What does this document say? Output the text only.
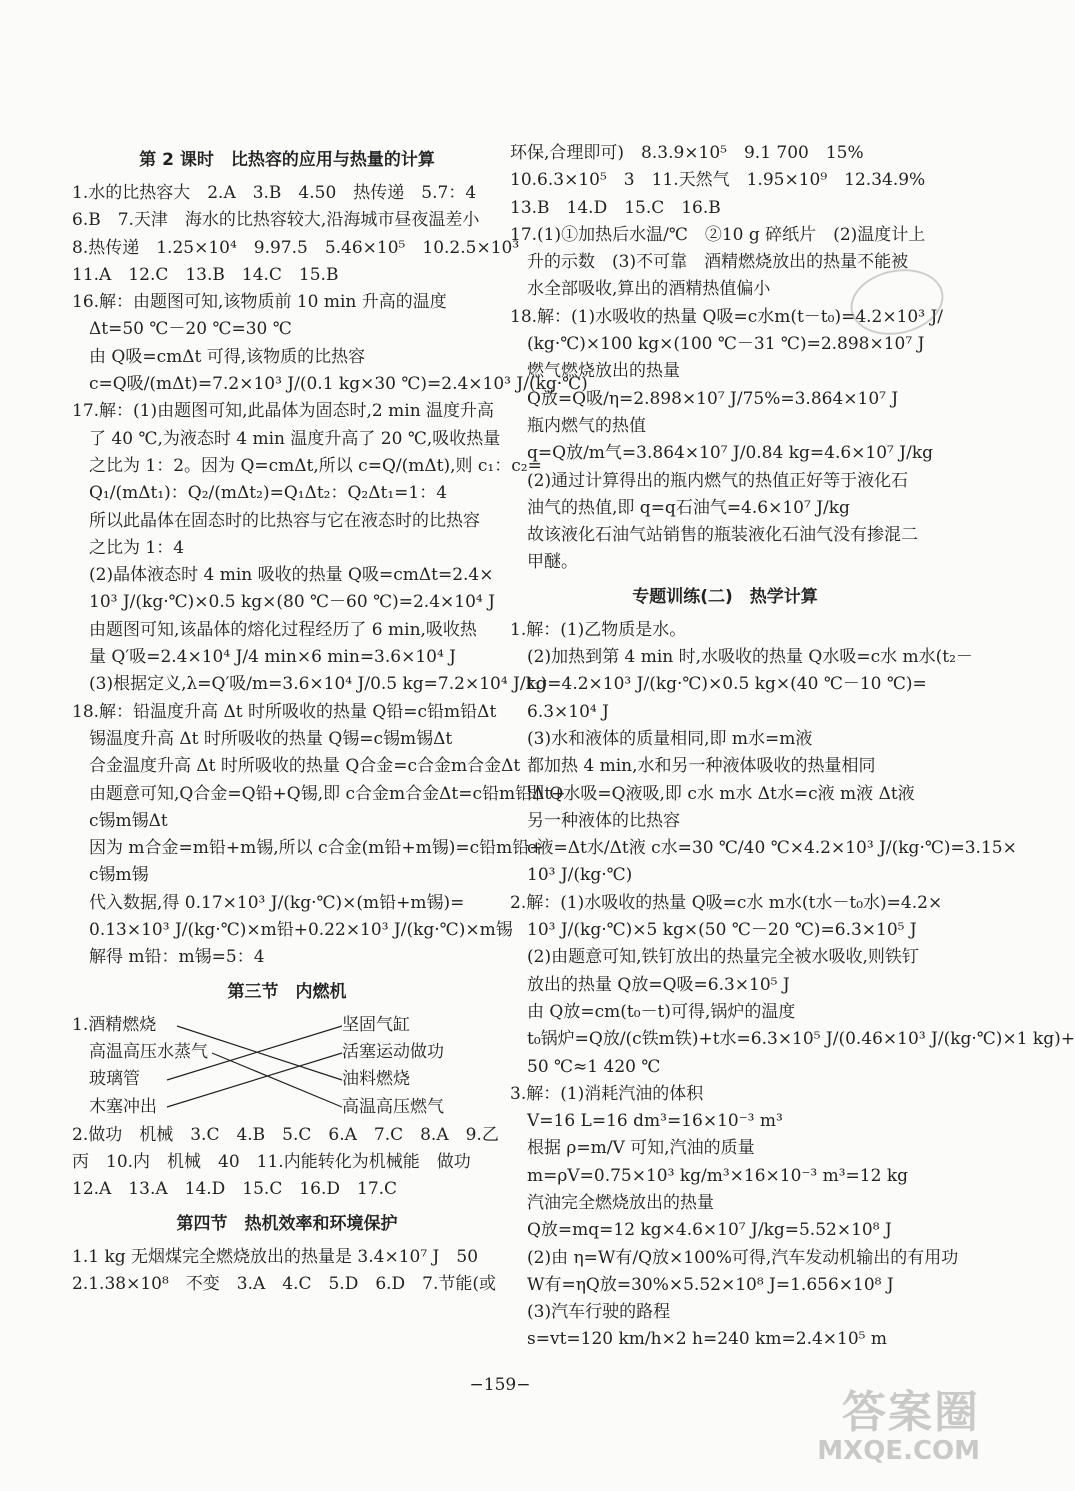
第 2 课时　比热容的应用与热量的计算
1.水的比热容大　2.A　3.B　4.50　热传递　5.7：4
6.B　7.天津　海水的比热容较大,沿海城市昼夜温差小
8.热传递　1.25×10⁴　9.97.5　5.46×10⁵　10.2.5×10³
11.A　12.C　13.B　14.C　15.B
16.解：由题图可知,该物质前 10 min 升高的温度
　Δt=50 ℃－20 ℃=30 ℃
　由 Q吸=cmΔt 可得,该物质的比热容
　c=Q吸/(mΔt)=7.2×10³ J/(0.1 kg×30 ℃)=2.4×10³ J/(kg·℃)
17.解：(1)由题图可知,此晶体为固态时,2 min 温度升高
　了 40 ℃,为液态时 4 min 温度升高了 20 ℃,吸收热量
　之比为 1：2。因为 Q=cmΔt,所以 c=Q/(mΔt),则 c₁：c₂=
　Q₁/(mΔt₁)：Q₂/(mΔt₂)=Q₁Δt₂：Q₂Δt₁=1：4
　所以此晶体在固态时的比热容与它在液态时的比热容
　之比为 1：4
　(2)晶体液态时 4 min 吸收的热量 Q吸=cmΔt=2.4×
　10³ J/(kg·℃)×0.5 kg×(80 ℃－60 ℃)=2.4×10⁴ J
　由题图可知,该晶体的熔化过程经历了 6 min,吸收热
　量 Q′吸=2.4×10⁴ J/4 min×6 min=3.6×10⁴ J
　(3)根据定义,λ=Q′吸/m=3.6×10⁴ J/0.5 kg=7.2×10⁴ J/kg
18.解：铅温度升高 Δt 时所吸收的热量 Q铅=c铅m铅Δt
　锡温度升高 Δt 时所吸收的热量 Q锡=c锡m锡Δt
　合金温度升高 Δt 时所吸收的热量 Q合金=c合金m合金Δt
　由题意可知,Q合金=Q铅+Q锡,即 c合金m合金Δt=c铅m铅Δt+
　c锡m锡Δt
　因为 m合金=m铅+m锡,所以 c合金(m铅+m锡)=c铅m铅+
　c锡m锡
　代入数据,得 0.17×10³ J/(kg·℃)×(m铅+m锡)=
　0.13×10³ J/(kg·℃)×m铅+0.22×10³ J/(kg·℃)×m锡
　解得 m铅：m锡=5：4
第三节　内燃机
1.酒精燃烧
　高温高压水蒸气
　玻璃管
　木塞冲出
坚固气缸
活塞运动做功
油料燃烧
高温高压燃气
2.做功　机械　3.C　4.B　5.C　6.A　7.C　8.A　9.乙
丙　10.内　机械　40　11.内能转化为机械能　做功
12.A　13.A　14.D　15.C　16.D　17.C
第四节　热机效率和环境保护
1.1 kg 无烟煤完全燃烧放出的热量是 3.4×10⁷ J　50
2.1.38×10⁸　不变　3.A　4.C　5.D　6.D　7.节能(或
环保,合理即可)　8.3.9×10⁵　9.1 700　15%
10.6.3×10⁵　3　11.天然气　1.95×10⁹　12.34.9%
13.B　14.D　15.C　16.B
17.(1)①加热后水温/℃　②10 g 碎纸片　(2)温度计上
　升的示数　(3)不可靠　酒精燃烧放出的热量不能被
　水全部吸收,算出的酒精热值偏小
18.解：(1)水吸收的热量 Q吸=c水m(t－t₀)=4.2×10³ J/
　(kg·℃)×100 kg×(100 ℃－31 ℃)=2.898×10⁷ J
　燃气燃烧放出的热量
　Q放=Q吸/η=2.898×10⁷ J/75%=3.864×10⁷ J
　瓶内燃气的热值
　q=Q放/m气=3.864×10⁷ J/0.84 kg=4.6×10⁷ J/kg
　(2)通过计算得出的瓶内燃气的热值正好等于液化石
　油气的热值,即 q=q石油气=4.6×10⁷ J/kg
　故该液化石油气站销售的瓶装液化石油气没有掺混二
　甲醚。
专题训练(二)　热学计算
1.解：(1)乙物质是水。
　(2)加热到第 4 min 时,水吸收的热量 Q水吸=c水 m水(t₂－
　t₁)=4.2×10³ J/(kg·℃)×0.5 kg×(40 ℃－10 ℃)=
　6.3×10⁴ J
　(3)水和液体的质量相同,即 m水=m液
　都加热 4 min,水和另一种液体吸收的热量相同
　即 Q水吸=Q液吸,即 c水 m水 Δt水=c液 m液 Δt液
　另一种液体的比热容
　c液=Δt水/Δt液 c水=30 ℃/40 ℃×4.2×10³ J/(kg·℃)=3.15×
　10³ J/(kg·℃)
2.解：(1)水吸收的热量 Q吸=c水 m水(t水－t₀水)=4.2×
　10³ J/(kg·℃)×5 kg×(50 ℃－20 ℃)=6.3×10⁵ J
　(2)由题意可知,铁钉放出的热量完全被水吸收,则铁钉
　放出的热量 Q放=Q吸=6.3×10⁵ J
　由 Q放=cm(t₀－t)可得,锅炉的温度
　t₀锅炉=Q放/(c铁m铁)+t水=6.3×10⁵ J/(0.46×10³ J/(kg·℃)×1 kg)+
　50 ℃≈1 420 ℃
3.解：(1)消耗汽油的体积
　V=16 L=16 dm³=16×10⁻³ m³
　根据 ρ=m/V 可知,汽油的质量
　m=ρV=0.75×10³ kg/m³×16×10⁻³ m³=12 kg
　汽油完全燃烧放出的热量
　Q放=mq=12 kg×4.6×10⁷ J/kg=5.52×10⁸ J
　(2)由 η=W有/Q放×100%可得,汽车发动机输出的有用功
　W有=ηQ放=30%×5.52×10⁸ J=1.656×10⁸ J
　(3)汽车行驶的路程
　s=vt=120 km/h×2 h=240 km=2.4×10⁵ m
−159−
答案圈
MXQE.COM
